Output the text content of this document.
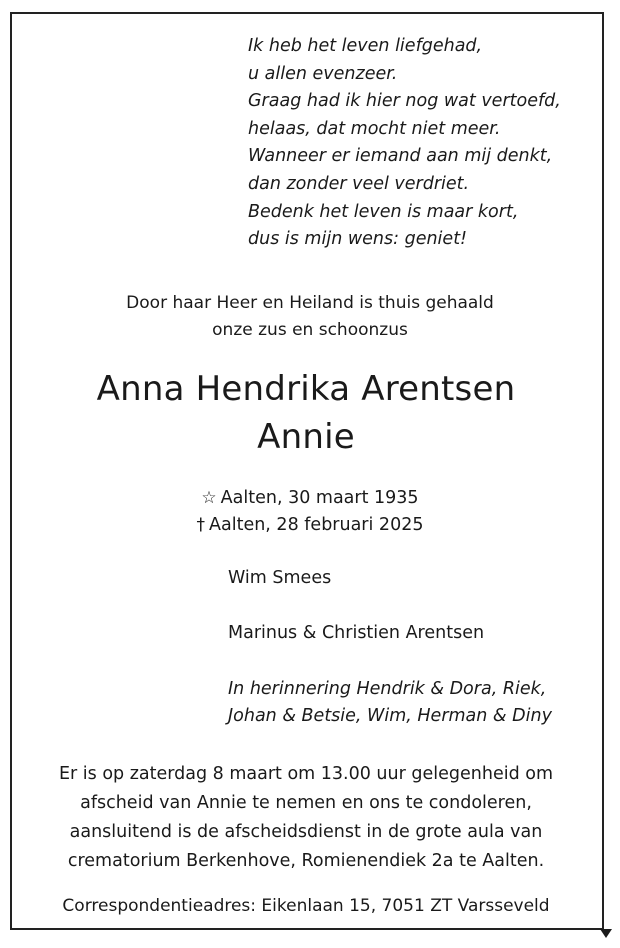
Ik heb het leven liefgehad,
u allen evenzeer.
Graag had ik hier nog wat vertoefd,
helaas, dat mocht niet meer.
Wanneer er iemand aan mij denkt,
dan zonder veel verdriet.
Bedenk het leven is maar kort,
dus is mijn wens: geniet!
Door haar Heer en Heiland is thuis gehaald
onze zus en schoonzus
Anna Hendrika Arentsen
Annie
☆ Aalten, 30 maart 1935
† Aalten, 28 februari 2025
Wim Smees
Marinus & Christien Arentsen
In herinnering Hendrik & Dora, Riek,
Johan & Betsie, Wim, Herman & Diny
Er is op zaterdag 8 maart om 13.00 uur gelegenheid om
afscheid van Annie te nemen en ons te condoleren,
aansluitend is de afscheidsdienst in de grote aula van
crematorium Berkenhove, Romienendiek 2a te Aalten.
Correspondentieadres: Eikenlaan 15, 7051 ZT Varsseveld
